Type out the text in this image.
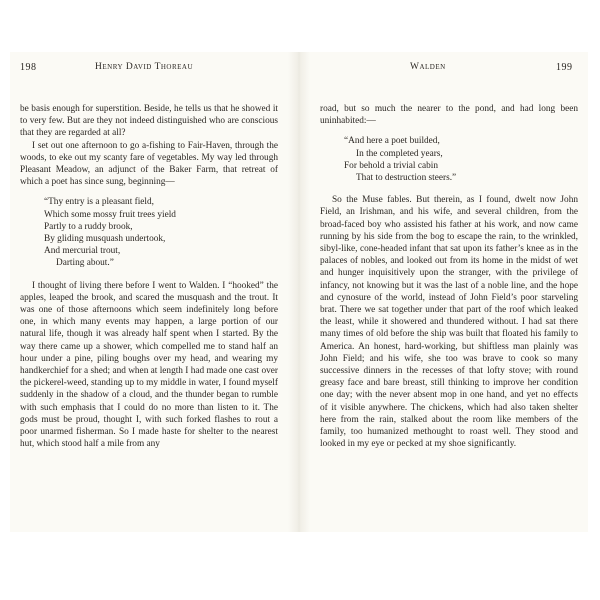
198	Henry David Thoreau	Walden	199

be basis enough for superstition. Beside, he tells us that he showed it to very few. But are they not indeed distinguished who are conscious that they are regarded at all?

I set out one afternoon to go a-fishing to Fair-Haven, through the woods, to eke out my scanty fare of vegetables. My way led through Pleasant Meadow, an adjunct of the Baker Farm, that retreat of which a poet has since sung, beginning—

“Thy entry is a pleasant field,
Which some mossy fruit trees yield
Partly to a ruddy brook,
By gliding musquash undertook,
And mercurial trout,
Darting about.”

I thought of living there before I went to Walden. I “hooked” the apples, leaped the brook, and scared the musquash and the trout. It was one of those afternoons which seem indefinitely long before one, in which many events may happen, a large portion of our natural life, though it was already half spent when I started. By the way there came up a shower, which compelled me to stand half an hour under a pine, piling boughs over my head, and wearing my handkerchief for a shed; and when at length I had made one cast over the pickerel-weed, standing up to my middle in water, I found myself suddenly in the shadow of a cloud, and the thunder began to rumble with such emphasis that I could do no more than listen to it. The gods must be proud, thought I, with such forked flashes to rout a poor unarmed fisherman. So I made haste for shelter to the nearest hut, which stood half a mile from any

road, but so much the nearer to the pond, and had long been uninhabited:—

“And here a poet builded,
In the completed years,
For behold a trivial cabin
That to destruction steers.”

So the Muse fables. But therein, as I found, dwelt now John Field, an Irishman, and his wife, and several children, from the broad-faced boy who assisted his father at his work, and now came running by his side from the bog to escape the rain, to the wrinkled, sibyl-like, cone-headed infant that sat upon its father’s knee as in the palaces of nobles, and looked out from its home in the midst of wet and hunger inquisitively upon the stranger, with the privilege of infancy, not knowing but it was the last of a noble line, and the hope and cynosure of the world, instead of John Field’s poor starveling brat. There we sat together under that part of the roof which leaked the least, while it showered and thundered without. I had sat there many times of old before the ship was built that floated his family to America. An honest, hard-working, but shiftless man plainly was John Field; and his wife, she too was brave to cook so many successive dinners in the recesses of that lofty stove; with round greasy face and bare breast, still thinking to improve her condition one day; with the never absent mop in one hand, and yet no effects of it visible anywhere. The chickens, which had also taken shelter here from the rain, stalked about the room like members of the family, too humanized methought to roast well. They stood and looked in my eye or pecked at my shoe significantly.
